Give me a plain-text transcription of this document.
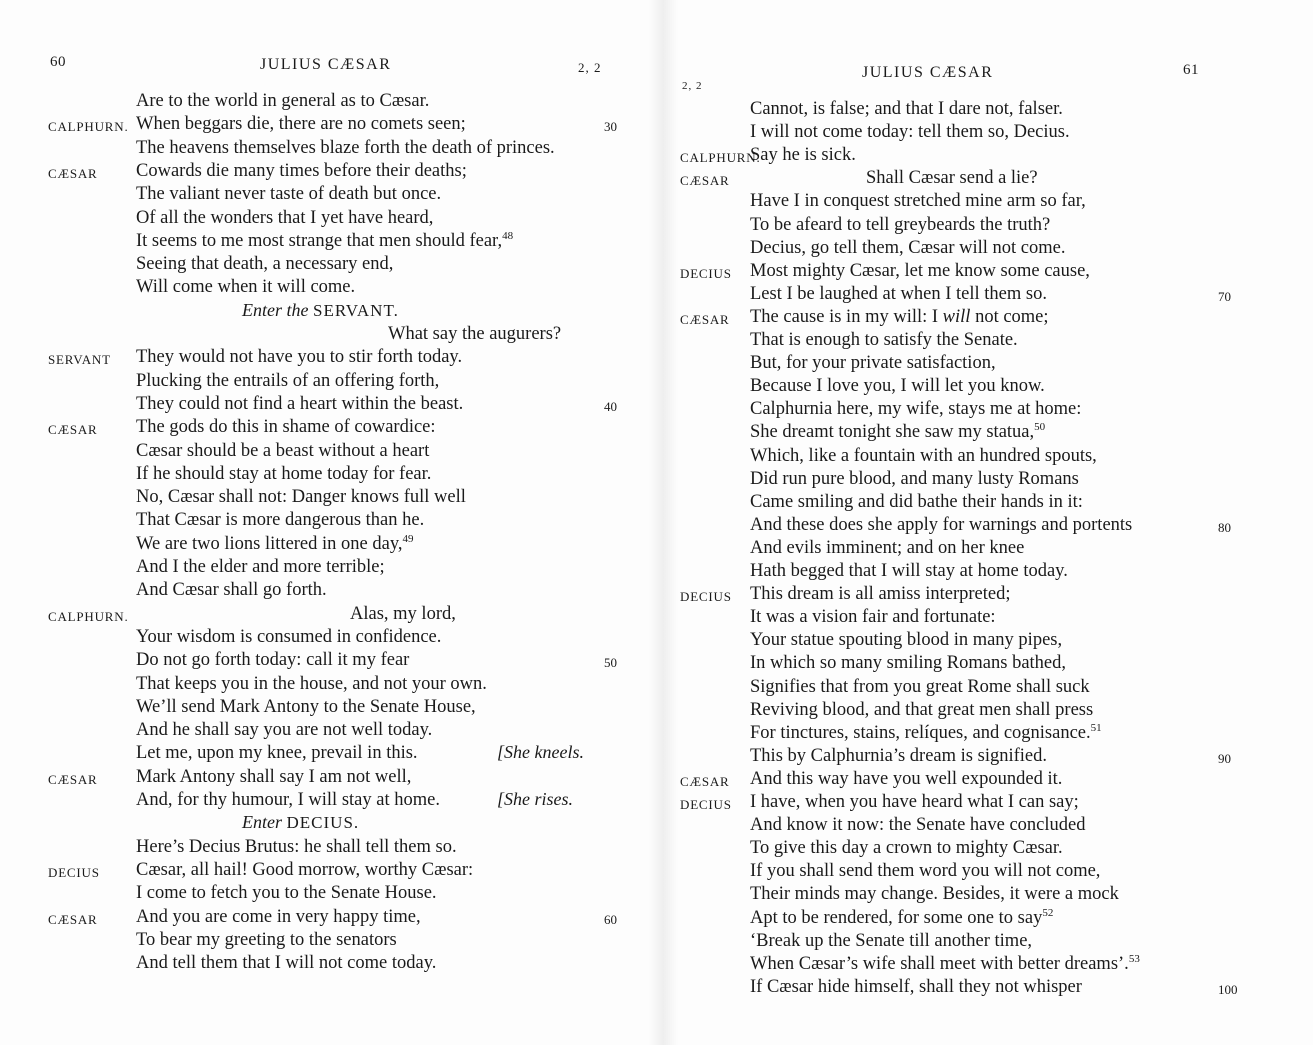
60	JULIUS CÆSAR	2, 2
Are to the world in general as to Cæsar.
CALPHURN. When beggars die, there are no comets seen;	30
The heavens themselves blaze forth the death of princes.
CÆSAR Cowards die many times before their deaths;
The valiant never taste of death but once.
Of all the wonders that I yet have heard,
It seems to me most strange that men should fear,$^{48}$
Seeing that death, a necessary end,
Will come when it will come.
Enter the SERVANT.
What say the augurers?
SERVANT They would not have you to stir forth today.
Plucking the entrails of an offering forth,
They could not find a heart within the beast.	40
CÆSAR The gods do this in shame of cowardice:
Cæsar should be a beast without a heart
If he should stay at home today for fear.
No, Cæsar shall not: Danger knows full well
That Cæsar is more dangerous than he.
We are two lions littered in one day,$^{49}$
And I the elder and more terrible;
And Cæsar shall go forth.
CALPHURN.	Alas, my lord,
Your wisdom is consumed in confidence.
Do not go forth today: call it my fear	50
That keeps you in the house, and not your own.
We’ll send Mark Antony to the Senate House,
And he shall say you are not well today.
Let me, upon my knee, prevail in this.	[She kneels.
CÆSAR Mark Antony shall say I am not well,
And, for thy humour, I will stay at home.	[She rises.
Enter DECIUS.
Here’s Decius Brutus: he shall tell them so.
DECIUS Cæsar, all hail! Good morrow, worthy Cæsar:
I come to fetch you to the Senate House.
CÆSAR And you are come in very happy time,	60
To bear my greeting to the senators
And tell them that I will not come today.
61
JULIUS CÆSAR
2, 2
Cannot, is false; and that I dare not, falser.
I will not come today: tell them so, Decius.
CALPHURN.
Say he is sick.
CÆSAR	Shall Cæsar send a lie?
Have I in conquest stretched mine arm so far,
To be afeard to tell greybeards the truth?
Decius, go tell them, Cæsar will not come.
DECIUS Most mighty Cæsar, let me know some cause,
Lest I be laughed at when I tell them so.	70
CÆSAR The cause is in my will: I will not come;
That is enough to satisfy the Senate.
But, for your private satisfaction,
Because I love you, I will let you know.
Calphurnia here, my wife, stays me at home:
She dreamt tonight she saw my statua,$^{50}$
Which, like a fountain with an hundred spouts,
Did run pure blood, and many lusty Romans
Came smiling and did bathe their hands in it:
And these does she apply for warnings and portents	80
And evils imminent; and on her knee
Hath begged that I will stay at home today.
DECIUS This dream is all amiss interpreted;
It was a vision fair and fortunate:
Your statue spouting blood in many pipes,
In which so many smiling Romans bathed,
Signifies that from you great Rome shall suck
Reviving blood, and that great men shall press
For tinctures, stains, relíques, and cognisance.$^{51}$
This by Calphurnia’s dream is signified.	90
CÆSAR And this way have you well expounded it.
DECIUS I have, when you have heard what I can say;
And know it now: the Senate have concluded
To give this day a crown to mighty Cæsar.
If you shall send them word you will not come,
Their minds may change. Besides, it were a mock
Apt to be rendered, for some one to say$^{52}$
‘Break up the Senate till another time,
When Cæsar’s wife shall meet with better dreams’.$^{53}$
If Cæsar hide himself, shall they not whisper	100
